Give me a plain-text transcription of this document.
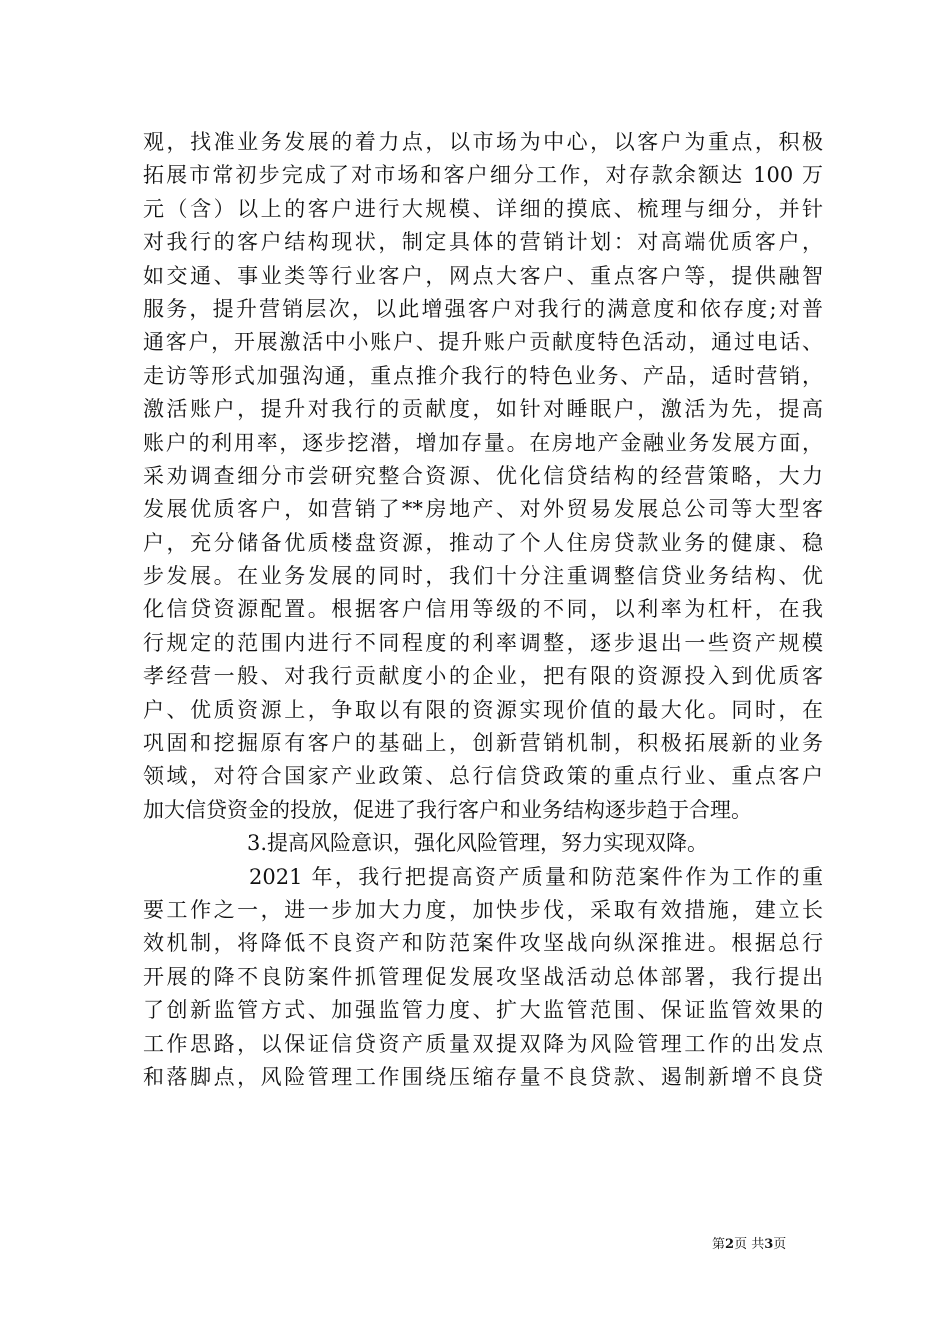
观，找准业务发展的着力点，以市场为中心，以客户为重点，积极
拓展市常初步完成了对市场和客户细分工作，对存款余额达 100 万
元（含）以上的客户进行大规模、详细的摸底、梳理与细分，并针
对我行的客户结构现状，制定具体的营销计划：对高端优质客户，
如交通、事业类等行业客户，网点大客户、重点客户等，提供融智
服务，提升营销层次，以此增强客户对我行的满意度和依存度;对普
通客户，开展激活中小账户、提升账户贡献度特色活动，通过电话、
走访等形式加强沟通，重点推介我行的特色业务、产品，适时营销，
激活账户，提升对我行的贡献度，如针对睡眠户，激活为先，提高
账户的利用率，逐步挖潜，增加存量。在房地产金融业务发展方面，
采劝调查细分市尝研究整合资源、优化信贷结构的经营策略，大力
发展优质客户，如营销了**房地产、对外贸易发展总公司等大型客
户，充分储备优质楼盘资源，推动了个人住房贷款业务的健康、稳
步发展。在业务发展的同时，我们十分注重调整信贷业务结构、优
化信贷资源配置。根据客户信用等级的不同，以利率为杠杆，在我
行规定的范围内进行不同程度的利率调整，逐步退出一些资产规模
孝经营一般、对我行贡献度小的企业，把有限的资源投入到优质客
户、优质资源上，争取以有限的资源实现价值的最大化。同时，在
巩固和挖掘原有客户的基础上，创新营销机制，积极拓展新的业务
领域，对符合国家产业政策、总行信贷政策的重点行业、重点客户
加大信贷资金的投放，促进了我行客户和业务结构逐步趋于合理。
3.提高风险意识，强化风险管理，努力实现双降。
2021 年，我行把提高资产质量和防范案件作为工作的重
要工作之一，进一步加大力度，加快步伐，采取有效措施，建立长
效机制，将降低不良资产和防范案件攻坚战向纵深推进。根据总行
开展的降不良防案件抓管理促发展攻坚战活动总体部署，我行提出
了创新监管方式、加强监管力度、扩大监管范围、保证监管效果的
工作思路，以保证信贷资产质量双提双降为风险管理工作的出发点
和落脚点，风险管理工作围绕压缩存量不良贷款、遏制新增不良贷
第2页 共3页
